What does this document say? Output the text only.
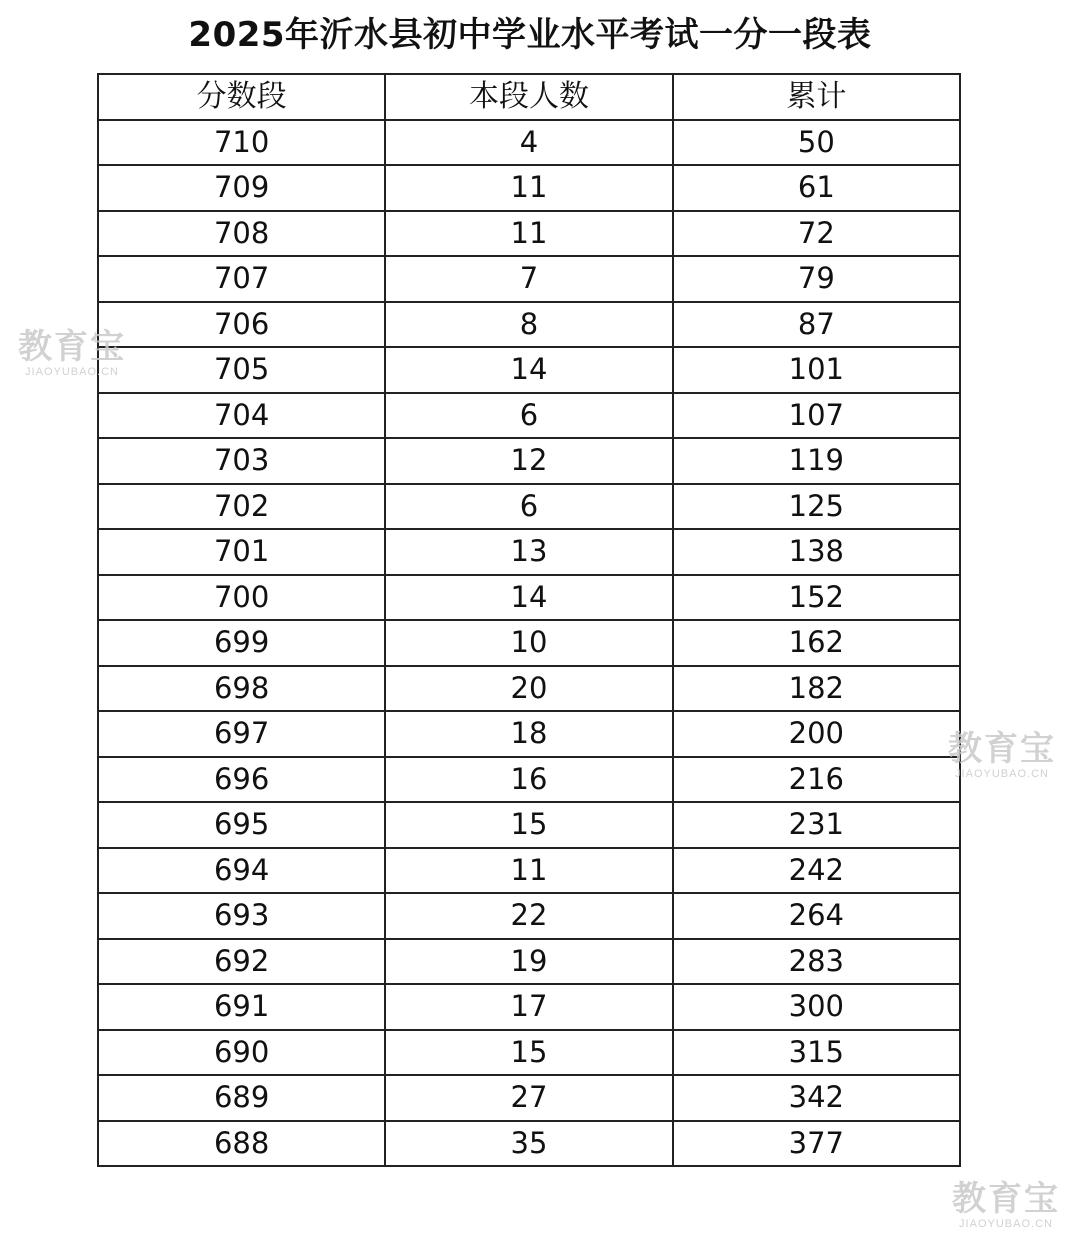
2025年沂水县初中学业水平考试一分一段表
分数段	本段人数	累计
710	4	50
709	11	61
708	11	72
707	7	79
706	8	87
705	14	101
704	6	107
703	12	119
702	6	125
701	13	138
700	14	152
699	10	162
698	20	182
697	18	200
696	16	216
695	15	231
694	11	242
693	22	264
692	19	283
691	17	300
690	15	315
689	27	342
688	35	377
教育宝
JIAOYUBAO.CN
教育宝
JIAOYUBAO.CN
教育宝
JIAOYUBAO.CN
